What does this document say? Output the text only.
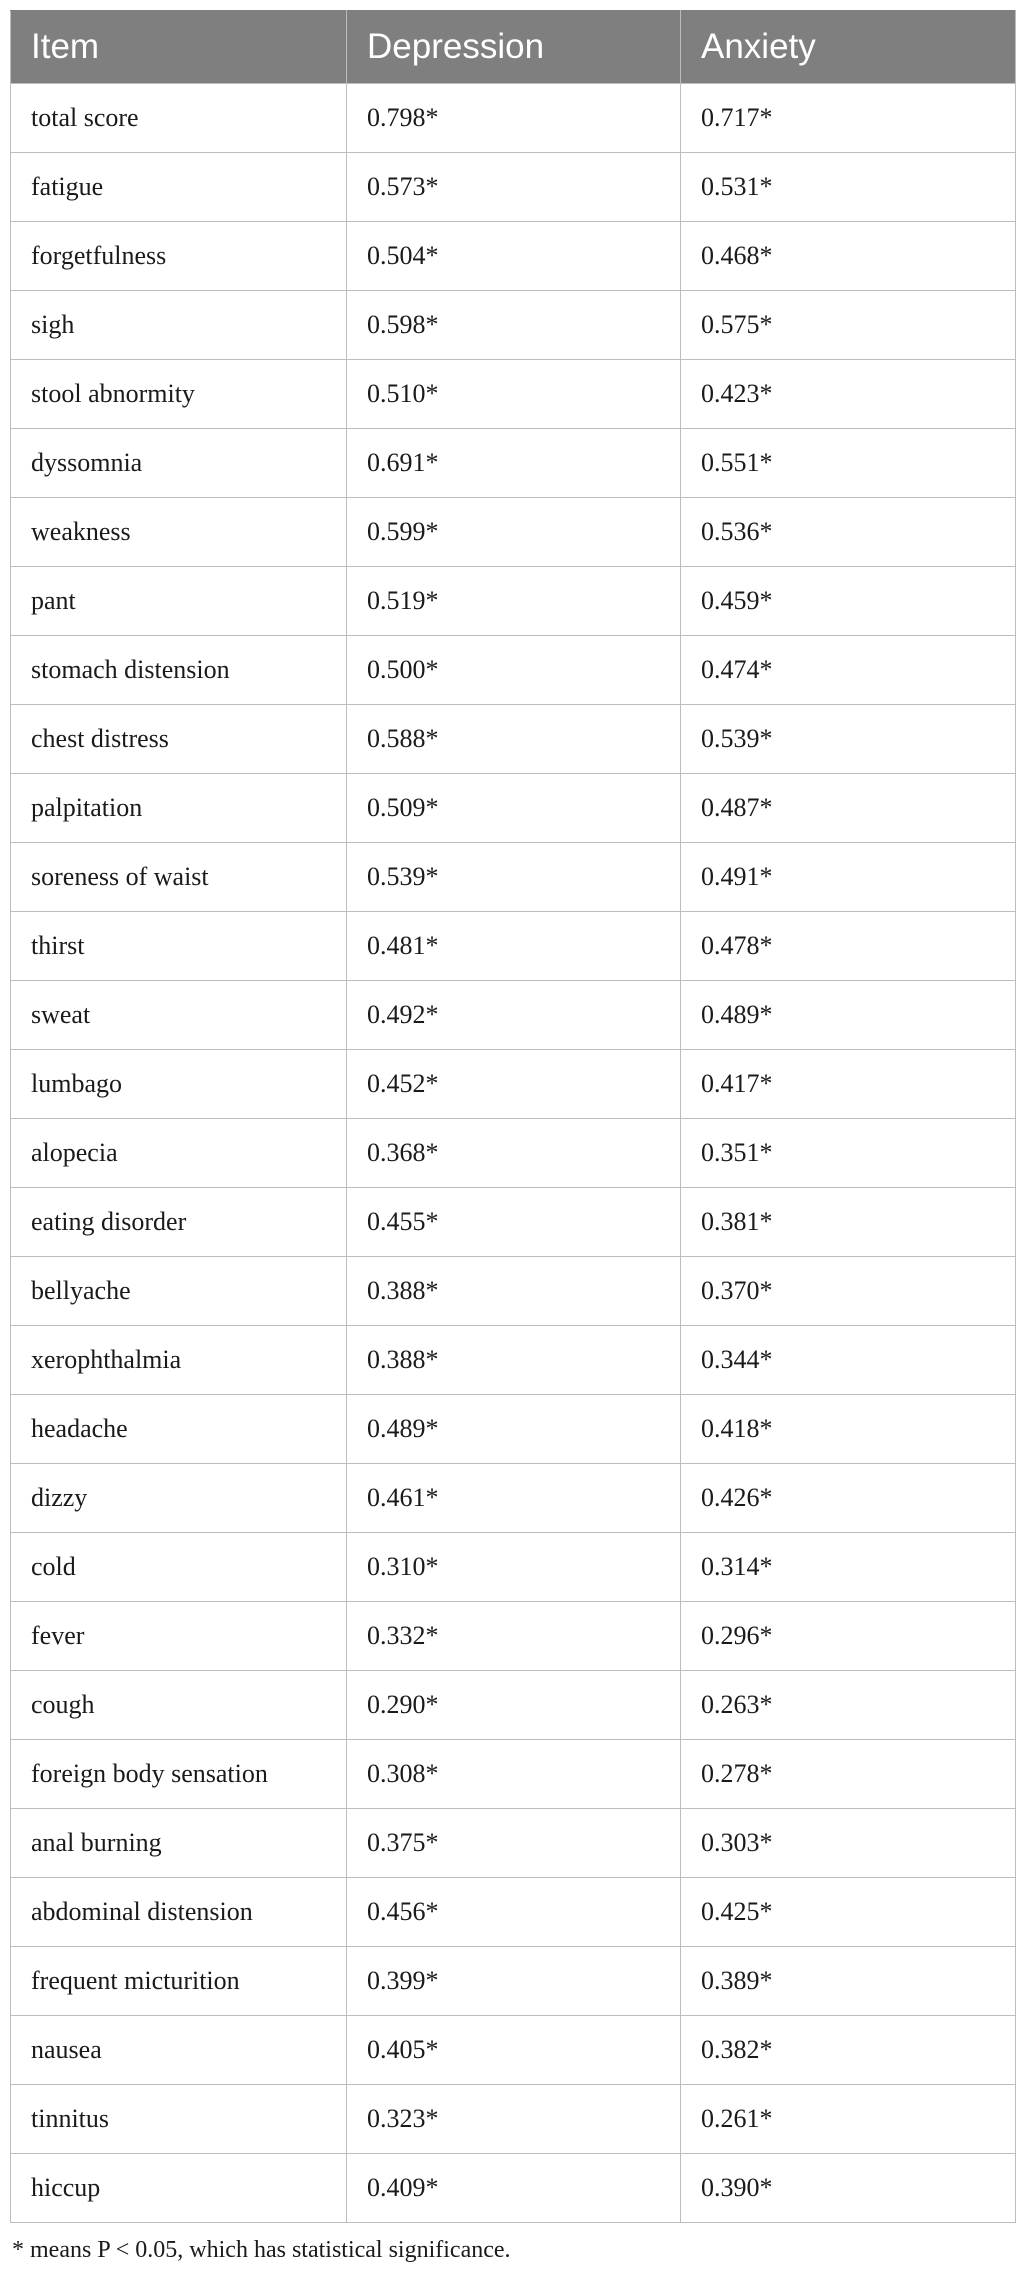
Item	Depression	Anxiety
total score	0.798*	0.717*
fatigue	0.573*	0.531*
forgetfulness	0.504*	0.468*
sigh	0.598*	0.575*
stool abnormity	0.510*	0.423*
dyssomnia	0.691*	0.551*
weakness	0.599*	0.536*
pant	0.519*	0.459*
stomach distension	0.500*	0.474*
chest distress	0.588*	0.539*
palpitation	0.509*	0.487*
soreness of waist	0.539*	0.491*
thirst	0.481*	0.478*
sweat	0.492*	0.489*
lumbago	0.452*	0.417*
alopecia	0.368*	0.351*
eating disorder	0.455*	0.381*
bellyache	0.388*	0.370*
xerophthalmia	0.388*	0.344*
headache	0.489*	0.418*
dizzy	0.461*	0.426*
cold	0.310*	0.314*
fever	0.332*	0.296*
cough	0.290*	0.263*
foreign body sensation	0.308*	0.278*
anal burning	0.375*	0.303*
abdominal distension	0.456*	0.425*
frequent micturition	0.399*	0.389*
nausea	0.405*	0.382*
tinnitus	0.323*	0.261*
hiccup	0.409*	0.390*
* means P < 0.05, which has statistical significance.
